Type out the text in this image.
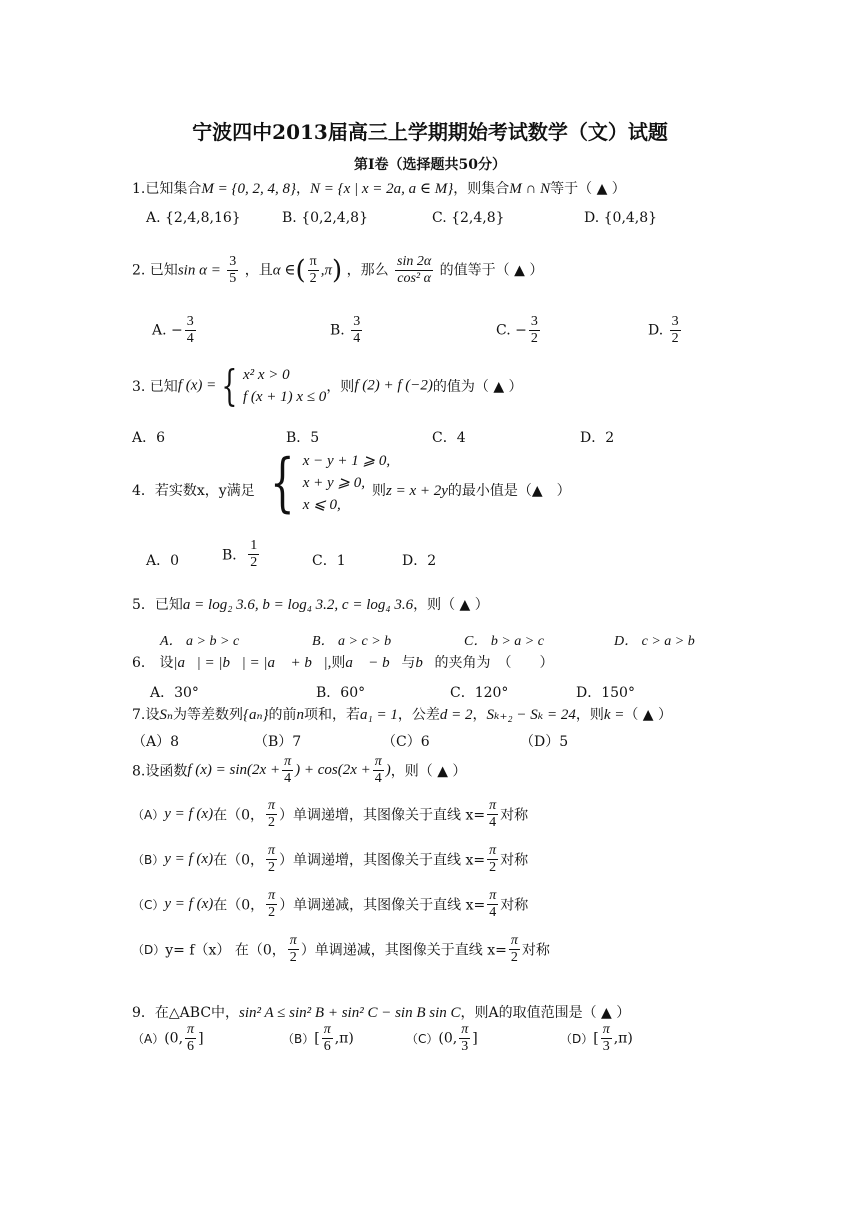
宁波四中2013届高三上学期期始考试数学（文）试题
第Ⅰ卷（选择题共50分）
1.已知集合M = {0, 2, 4, 8}，N = {x | x = 2a, a ∈ M}，则集合M ∩ N等于（ ▲ ）
A. {2,4,8,16}	B. {0,2,4,8}	C. {2,4,8}	D. {0,4,8}
2. 已知$\sin \alpha = \frac{3}{5}$ ，且α ∈( $\frac{\pi}{2} ,\pi$) ，那么 $\frac{\sin 2\alpha}{\text{cos² α}}$ 的值等于（ ▲ ）
A. − $\frac{3}{4}$	B. $\frac{3}{4}$	C. − $\frac{3}{2}$	D. $\frac{3}{2}$
3. 已知f (x) = { x² x > 0
f (x + 1) x ≤ 0
，则f (2) + f (−2)的值为（ ▲ ）
A．6	B．5	C．4	D．2
4．若实数x，y满足 { x − y + 1 ⩾ 0,
x + y ⩾ 0,
x ⩽ 0,
则z = x + 2y的最小值是（▲　）
A．0	B． $\frac{1}{2}$	C．1	D．2
5．已知a = log₂ 3.6, b = log₄ 3.2, c = log₄ 3.6，则（ ▲ ）
A． a > b > c	B． a > c > b	C． b > a > c	D． c > a > b
6． 设|a⃗| = |b⃗| = |a⃗ + b⃗|,则a⃗ − b⃗与b⃗的夹角为　（　　）
A．30°	B．60°	C．120°	D．150°
7.设Sₙ为等差数列{aₙ}的前n项和，若a₁ = 1，公差d = 2，Sₖ₊₂ − Sₖ = 24，则k =（ ▲ ）
（A）8	（B）7	（C）6	（D）5
8.设函数f $(x) = \sin(2x + \frac{\pi}{4}$ ) + $\cos(2x + \frac{\pi}{4}$ )，则（ ▲ ）
（A）y = f (x)在（0， $\frac{\pi}{2}$ ）单调递增，其图像关于直线 $x= \frac{\pi}{4}$ 对称
（B）y = f (x)在（0， $\frac{\pi}{2}$ ）单调递增，其图像关于直线 $x= \frac{\pi}{2}$ 对称
（C）y = f (x)在（0， $\frac{\pi}{2}$ ）单调递减，其图像关于直线 $x= \frac{\pi}{4}$ 对称
（D）y= f（x） 在（0， $\frac{\pi}{2}$ ）单调递减，其图像关于直线 $x= \frac{\pi}{2}$ 对称
9．在△ABC中，sin² A ≤ sin² B + sin² C − sin B sin C，则A的取值范围是（ ▲ ）
（A）(0, $\frac{\pi}{6}$ ]	$(B)[ \frac{\pi}{6} ,\pi)$	（C）(0, $\frac{\pi}{3}$ ]	$(D)[ \frac{\pi}{3} ,\pi)$
